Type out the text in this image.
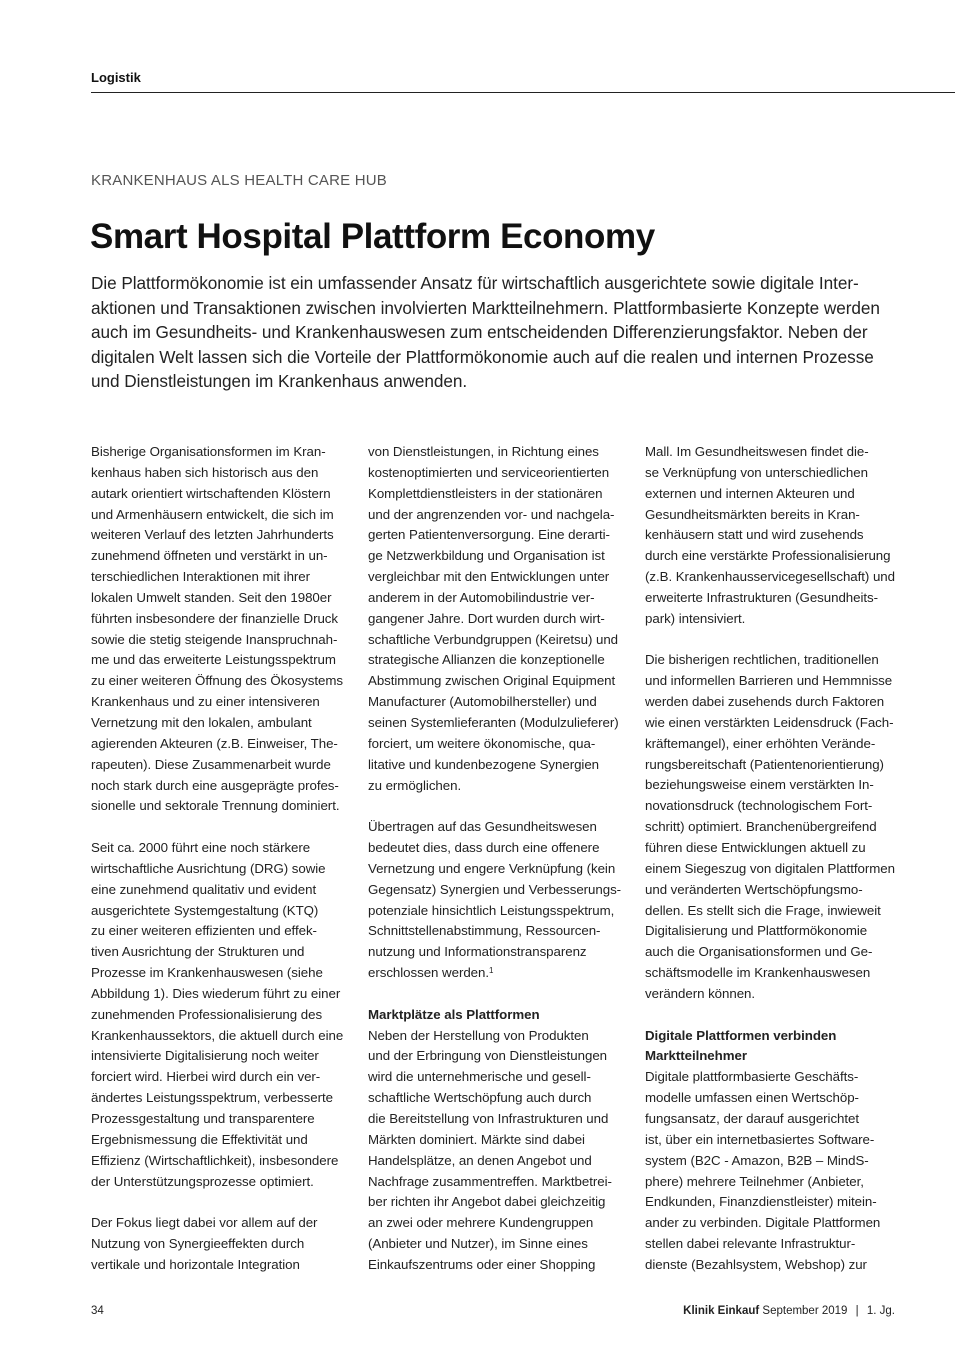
Logistik
KRANKENHAUS ALS HEALTH CARE HUB
Smart Hospital Plattform Economy

Die Plattformökonomie ist ein umfassender Ansatz für wirtschaftlich ausgerichtete sowie digitale Inter-
aktionen und Transaktionen zwischen involvierten Marktteilnehmern. Plattformbasierte Konzepte werden
auch im Gesundheits- und Krankenhauswesen zum entscheidenden Differenzierungsfaktor. Neben der
digitalen Welt lassen sich die Vorteile der Plattformökonomie auch auf die realen und internen Prozesse
und Dienstleistungen im Krankenhaus anwenden.

Bisherige Organisationsformen im Kran-
kenhaus haben sich historisch aus den
autark orientiert wirtschaftenden Klöstern
und Armenhäusern entwickelt, die sich im
weiteren Verlauf des letzten Jahrhunderts
zunehmend öffneten und verstärkt in un-
terschiedlichen Interaktionen mit ihrer
lokalen Umwelt standen. Seit den 1980er
führten insbesondere der finanzielle Druck
sowie die stetig steigende Inanspruchnah-
me und das erweiterte Leistungsspektrum
zu einer weiteren Öffnung des Ökosystems
Krankenhaus und zu einer intensiveren
Vernetzung mit den lokalen, ambulant
agierenden Akteuren (z.B. Einweiser, The-
rapeuten). Diese Zusammenarbeit wurde
noch stark durch eine ausgeprägte profes-
sionelle und sektorale Trennung dominiert.

Seit ca. 2000 führt eine noch stärkere
wirtschaftliche Ausrichtung (DRG) sowie
eine zunehmend qualitativ und evident
ausgerichtete Systemgestaltung (KTQ)
zu einer weiteren effizienten und effek-
tiven Ausrichtung der Strukturen und
Prozesse im Krankenhauswesen (siehe
Abbildung 1). Dies wiederum führt zu einer
zunehmenden Professionalisierung des
Krankenhaussektors, die aktuell durch eine
intensivierte Digitalisierung noch weiter
forciert wird. Hierbei wird durch ein ver-
ändertes Leistungsspektrum, verbesserte
Prozessgestaltung und transparentere
Ergebnismessung die Effektivität und
Effizienz (Wirtschaftlichkeit), insbesondere
der Unterstützungsprozesse optimiert.

Der Fokus liegt dabei vor allem auf der
Nutzung von Synergieeffekten durch
vertikale und horizontale Integration

von Dienstleistungen, in Richtung eines
kostenoptimierten und serviceorientierten
Komplettdienstleisters in der stationären
und der angrenzenden vor- und nachgela-
gerten Patientenversorgung. Eine derarti-
ge Netzwerkbildung und Organisation ist
vergleichbar mit den Entwicklungen unter
anderem in der Automobilindustrie ver-
gangener Jahre. Dort wurden durch wirt-
schaftliche Verbundgruppen (Keiretsu) und
strategische Allianzen die konzeptionelle
Abstimmung zwischen Original Equipment
Manufacturer (Automobilhersteller) und
seinen Systemlieferanten (Modulzulieferer)
forciert, um weitere ökonomische, qua-
litative und kundenbezogene Synergien
zu ermöglichen.

Übertragen auf das Gesundheitswesen
bedeutet dies, dass durch eine offenere
Vernetzung und engere Verknüpfung (kein
Gegensatz) Synergien und Verbesserungs-
potenziale hinsichtlich Leistungsspektrum,
Schnittstellenabstimmung, Ressourcen-
nutzung und Informationstransparenz
erschlossen werden.$^1$

Marktplätze als Plattformen
Neben der Herstellung von Produkten
und der Erbringung von Dienstleistungen
wird die unternehmerische und gesell-
schaftliche Wertschöpfung auch durch
die Bereitstellung von Infrastrukturen und
Märkten dominiert. Märkte sind dabei
Handelsplätze, an denen Angebot und
Nachfrage zusammentreffen. Marktbetrei-
ber richten ihr Angebot dabei gleichzeitig
an zwei oder mehrere Kundengruppen
(Anbieter und Nutzer), im Sinne eines
Einkaufszentrums oder einer Shopping

Mall. Im Gesundheitswesen findet die-
se Verknüpfung von unterschiedlichen
externen und internen Akteuren und
Gesundheitsmärkten bereits in Kran-
kenhäusern statt und wird zusehends
durch eine verstärkte Professionalisierung
(z.B. Krankenhausservicegesellschaft) und
erweiterte Infrastrukturen (Gesundheits-
park) intensiviert.

Die bisherigen rechtlichen, traditionellen
und informellen Barrieren und Hemmnisse
werden dabei zusehends durch Faktoren
wie einen verstärkten Leidensdruck (Fach-
kräftemangel), einer erhöhten Verände-
rungsbereitschaft (Patientenorientierung)
beziehungsweise einem verstärkten In-
novationsdruck (technologischem Fort-
schritt) optimiert. Branchenübergreifend
führen diese Entwicklungen aktuell zu
einem Siegeszug von digitalen Plattformen
und veränderten Wertschöpfungsmo-
dellen. Es stellt sich die Frage, inwieweit
Digitalisierung und Plattformökonomie
auch die Organisationsformen und Ge-
schäftsmodelle im Krankenhauswesen
verändern können.

Digitale Plattformen verbinden
Marktteilnehmer
Digitale plattformbasierte Geschäfts-
modelle umfassen einen Wertschöp-
fungsansatz, der darauf ausgerichtet
ist, über ein internetbasiertes Software-
system (B2C - Amazon, B2B – MindS-
phere) mehrere Teilnehmer (Anbieter,
Endkunden, Finanzdienstleister) mitein-
ander zu verbinden. Digitale Plattformen
stellen dabei relevante Infrastruktur-
dienste (Bezahlsystem, Webshop) zur

34	Klinik Einkauf September 2019 | 1. Jg.
